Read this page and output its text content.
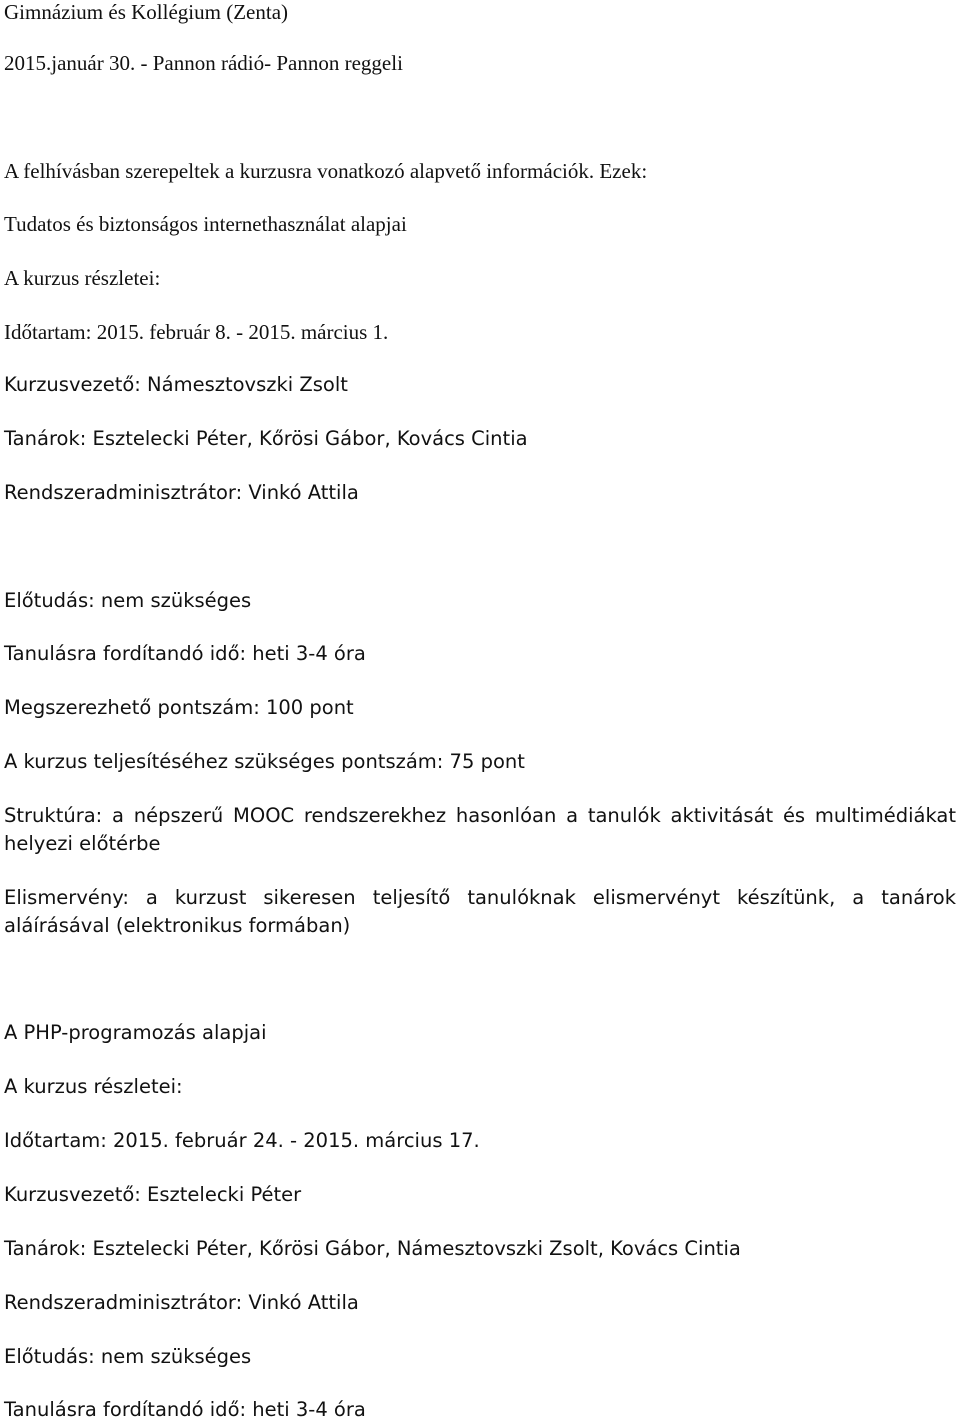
Gimnázium és Kollégium (Zenta)

2015.január 30. - Pannon rádió- Pannon reggeli

A felhívásban szerepeltek a kurzusra vonatkozó alapvető információk. Ezek:

Tudatos és biztonságos internethasználat alapjai

A kurzus részletei:

Időtartam: 2015. február 8. - 2015. március 1.

Kurzusvezető: Námesztovszki Zsolt

Tanárok: Esztelecki Péter, Kőrösi Gábor, Kovács Cintia

Rendszeradminisztrátor: Vinkó Attila

Előtudás: nem szükséges

Tanulásra fordítandó idő: heti 3-4 óra

Megszerezhető pontszám: 100 pont

A kurzus teljesítéséhez szükséges pontszám: 75 pont

Struktúra: a népszerű MOOC rendszerekhez hasonlóan a tanulók aktivitását és multimédiákat helyezi előtérbe

Elismervény: a kurzust sikeresen teljesítő tanulóknak elismervényt készítünk, a tanárok aláírásával (elektronikus formában)

A PHP-programozás alapjai

A kurzus részletei:

Időtartam: 2015. február 24. - 2015. március 17.

Kurzusvezető: Esztelecki Péter

Tanárok: Esztelecki Péter, Kőrösi Gábor, Námesztovszki Zsolt, Kovács Cintia

Rendszeradminisztrátor: Vinkó Attila

Előtudás: nem szükséges

Tanulásra fordítandó idő: heti 3-4 óra
